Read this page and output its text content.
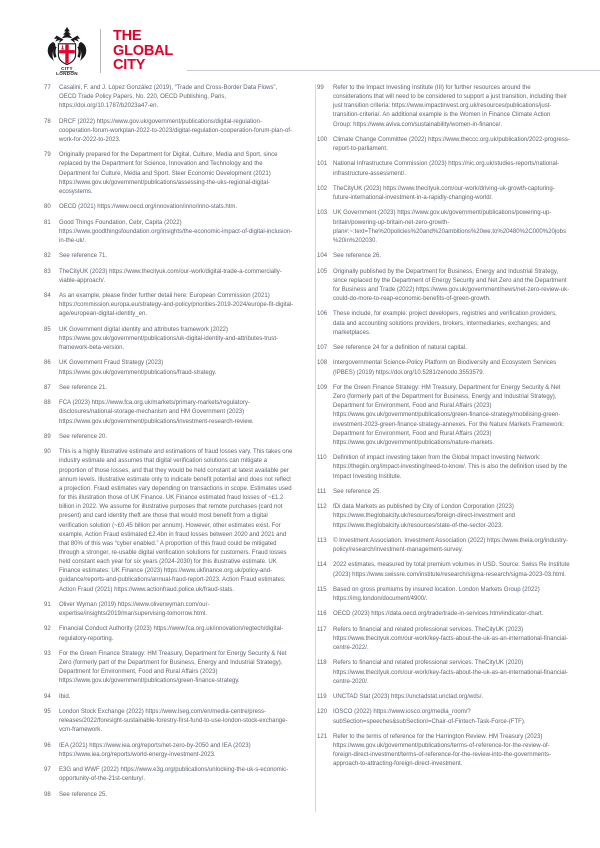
CITY
LONDON
THE
GLOBAL
CITY
77	Casalini, F. and J. López González (2019), “Trade and Cross-Border Data Flows”, OECD Trade Policy Papers, No. 220, OECD Publishing, Paris, https://doi.org/10.1787/b2023a47-en.
78	DRCF (2022) https://www.gov.uk/government/publications/digital-regulation-cooperation-forum-workplan-2022-to-2023/digital-regulation-cooperation-forum-plan-of-work-for-2022-to-2023.
79	Originally prepared for the Department for Digital, Culture, Media and Sport, since replaced by the Department for Science, Innovation and Technology and the Department for Culture, Media and Sport. Steer Economic Development (2021) https://www.gov.uk/government/publications/assessing-the-uks-regional-digital-ecosystems.
80	OECD (2021) https://www.oecd.org/innovation/inno/inno-stats.htm.
81	Good Things Foundation, Cebr, Capita (2022) https://www.goodthingsfoundation.org/insights/the-economic-impact-of-digital-inclusion-in-the-uk/.
82	See reference 71.
83	TheCityUK (2023) https://www.thecityuk.com/our-work/digital-trade-a-commercially-viable-approach/.
84	As an example, please finder further detail here: European Commission (2021) https://commission.europa.eu/strategy-and-policy/priorities-2019-2024/europe-fit-digital-age/european-digital-identity_en.
85	UK Government digital identity and attributes framework (2022) https://www.gov.uk/government/publications/uk-digital-identity-and-attributes-trust-framework-beta-version.
86	UK Government Fraud Strategy (2023) https://www.gov.uk/government/publications/fraud-strategy.
87	See reference 21.
88	FCA (2023) https://www.fca.org.uk/markets/primary-markets/regulatory-disclosures/national-storage-mechanism and HM Government (2023) https://www.gov.uk/government/publications/investment-research-review.
89	See reference 20.
90	This is a highly illustrative estimate and estimations of fraud losses vary. This takes one industry estimate and assumes that digital verification solutions can mitigate a proportion of those losses, and that they would be held constant at latest available per annum levels. Illustrative estimate only to indicate benefit potential and does not reflect a projection. Fraud estimates vary depending on transactions in scope. Estimates used for this illustration those of UK Finance. UK Finance estimated fraud losses of ~£1.2 billion in 2022. We assume for illustrative purposes that remote purchases (card not present) and card identity theft are those that would most benefit from a digital verification solution (~£0.45 billion per annum). However, other estimates exist. For example, Action Fraud estimated £2.4bn in fraud losses between 2020 and 2021 and that 80% of this was “cyber enabled.” A proportion of this fraud could be mitigated through a stronger, re-usable digital verification solutions for customers. Fraud losses held constant each year for six years (2024-2030) for this illustrative estimate. UK Finance estimates: UK Finance (2023) https://www.ukfinance.org.uk/policy-and-guidance/reports-and-publications/annual-fraud-report-2023. Action Fraud estimates: Action Fraud (2021) https://www.actionfraud.police.uk/fraud-stats.
91	Oliver Wyman (2019) https://www.oliverwyman.com/our-expertise/insights/2019/mar/supervising-tomorrow.html.
92	Financial Conduct Authority (2023) https://www.fca.org.uk/innovation/regtech/digital-regulatory-reporting.
93	For the Green Finance Strategy: HM Treasury, Department for Energy Security & Net Zero (formerly part of the Department for Business, Energy and Industrial Strategy), Department for Environment, Food and Rural Affairs (2023) https://www.gov.uk/government/publications/green-finance-strategy.
94	Ibid.
95	London Stock Exchange (2022) https://www.lseg.com/en/media-centre/press-releases/2022/foresight-sustainable-forestry-first-fund-to-use-london-stock-exchange-vcm-framework.
96	IEA (2021) https://www.iea.org/reports/net-zero-by-2050 and IEA (2023) https://www.iea.org/reports/world-energy-investment-2023.
97	E3G and WWF (2022) https://www.e3g.org/publications/unlocking-the-uk-s-economic-opportunity-of-the-21st-century/.
98	See reference 25.
99	Refer to the Impact Investing Institute (III) for further resources around the considerations that will need to be considered to support a just transition, including their just transition criteria: https://www.impactinvest.org.uk/resources/publications/just-transition-criteria/. An additional example is the Women in Finance Climate Action Group: https://www.aviva.com/sustainability/women-in-finance/.
100 Climate Change Committee (2022) https://www.theccc.org.uk/publication/2022-progress-report-to-parliament.
101 National Infrastructure Commission (2023) https://nic.org.uk/studies-reports/national-infrastructure-assessment/.
102 TheCityUK (2023) https://www.thecityuk.com/our-work/driving-uk-growth-capturing-future-international-investment-in-a-rapidly-changing-world/.
103 UK Government (2023) https://www.gov.uk/government/publications/powering-up-britain/powering-up-britain-net-zero-growth-plan#:~:text=The%20policies%20and%20ambitions%20we,to%20480%2C000%20jobs%20in%202030.
104 See reference 26.
105 Originally published by the Department for Business, Energy and Industrial Strategy, since replaced by the Department of Energy Security and Net Zero and the Department for Business and Trade (2022) https://www.gov.uk/government/news/net-zero-review-uk-could-do-more-to-reap-economic-benefits-of-green-growth.
106 These include, for example: project developers, registries and verification providers, data and accounting solutions providers, brokers, intermediaries, exchanges; and marketplaces.
107 See reference 24 for a definition of natural capital.
108 Intergovernmental Science-Policy Platform on Biodiversity and Ecosystem Services (IPBES) (2019) https://doi.org/10.5281/zenodo.3553579.
109 For the Green Finance Strategy: HM Treasury, Department for Energy Security & Net Zero (formerly part of the Department for Business, Energy and Industrial Strategy), Department for Environment, Food and Rural Affairs (2023) https://www.gov.uk/government/publications/green-finance-strategy/mobilising-green-investment-2023-green-finance-strategy-annexes. For the Nature Markets Framework: Department for Environment, Food and Rural Affairs (2023) https://www.gov.uk/government/publications/nature-markets.
110	Definition of impact investing taken from the Global Impact Investing Network: https://thegiin.org/impact-investing/need-to-know/. This is also the definition used by the Impact Investing Institute.
111	See reference 25.
112	fDi data Markets as published by City of London Corporation (2023) https://www.theglobalcity.uk/resources/foreign-direct-investment and https://www.theglobalcity.uk/resources/state-of-the-sector-2023.
113	© Investment Association. Investment Association (2022) https://www.theia.org/industry-policy/research/investment-management-survey.
114	2022 estimates, measured by total premium volumes in USD. Source: Swiss Re Institute (2023) https://www.swissre.com/institute/research/sigma-research/sigma-2023-03.html.
115	Based on gross premiums by insured location. London Markets Group (2022) https://img.london/document/4900/.
116	OECD (2023) https://data.oecd.org/trade/trade-in-services.htm#indicator-chart.
117	Refers to financial and related professional services. TheCityUK (2023) https://www.thecityuk.com/our-work/key-facts-about-the-uk-as-an-international-financial-centre-2022/.
118	Refers to financial and related professional services. TheCityUK (2020) https://www.thecityuk.com/our-work/key-facts-about-the-uk-as-an-international-financial-centre-2020/.
119	UNCTAD Stat (2023) https://unctadstat.unctad.org/wds/.
120 IOSCO (2022) https://www.iosco.org/media_room/?subSection=speeches&subSectionI=Chair-of-Fintech-Task-Force-(FTF).
121 Refer to the terms of reference for the Harrington Review. HM Treasury (2023) https://www.gov.uk/government/publications/terms-of-reference-for-the-review-of-foreign-direct-investment/terms-of-reference-for-the-review-into-the-governments-approach-to-attracting-foreign-direct-investment.
